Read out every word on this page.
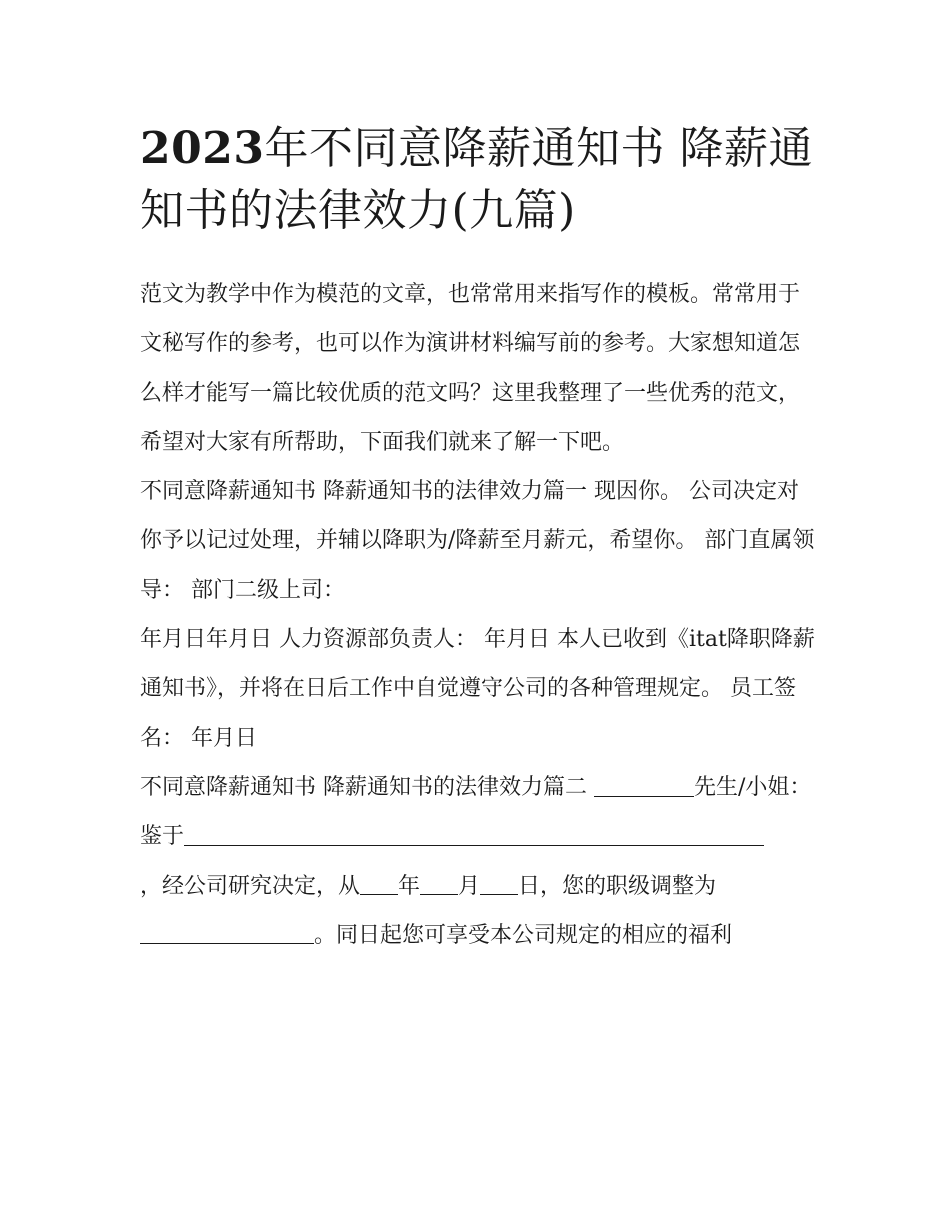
2023年不同意降薪通知书 降薪通知书的法律效力(九篇)

范文为教学中作为模范的文章，也常常用来指写作的模板。常常用于文秘写作的参考，也可以作为演讲材料编写前的参考。大家想知道怎么样才能写一篇比较优质的范文吗？这里我整理了一些优秀的范文，希望对大家有所帮助，下面我们就来了解一下吧。

不同意降薪通知书 降薪通知书的法律效力篇一 现因你。 公司决定对你予以记过处理，并辅以降职为/降薪至月薪元，希望你。 部门直属领导： 部门二级上司：

年月日年月日 人力资源部负责人： 年月日 本人已收到《itat降职降薪通知书》，并将在日后工作中自觉遵守公司的各种管理规定。 员工签名： 年月日

不同意降薪通知书 降薪通知书的法律效力篇二	先生/小姐：

鉴于

，经公司研究决定，从 年 月 日，您的职级调整为。同日起您可享受本公司规定的相应的福利
